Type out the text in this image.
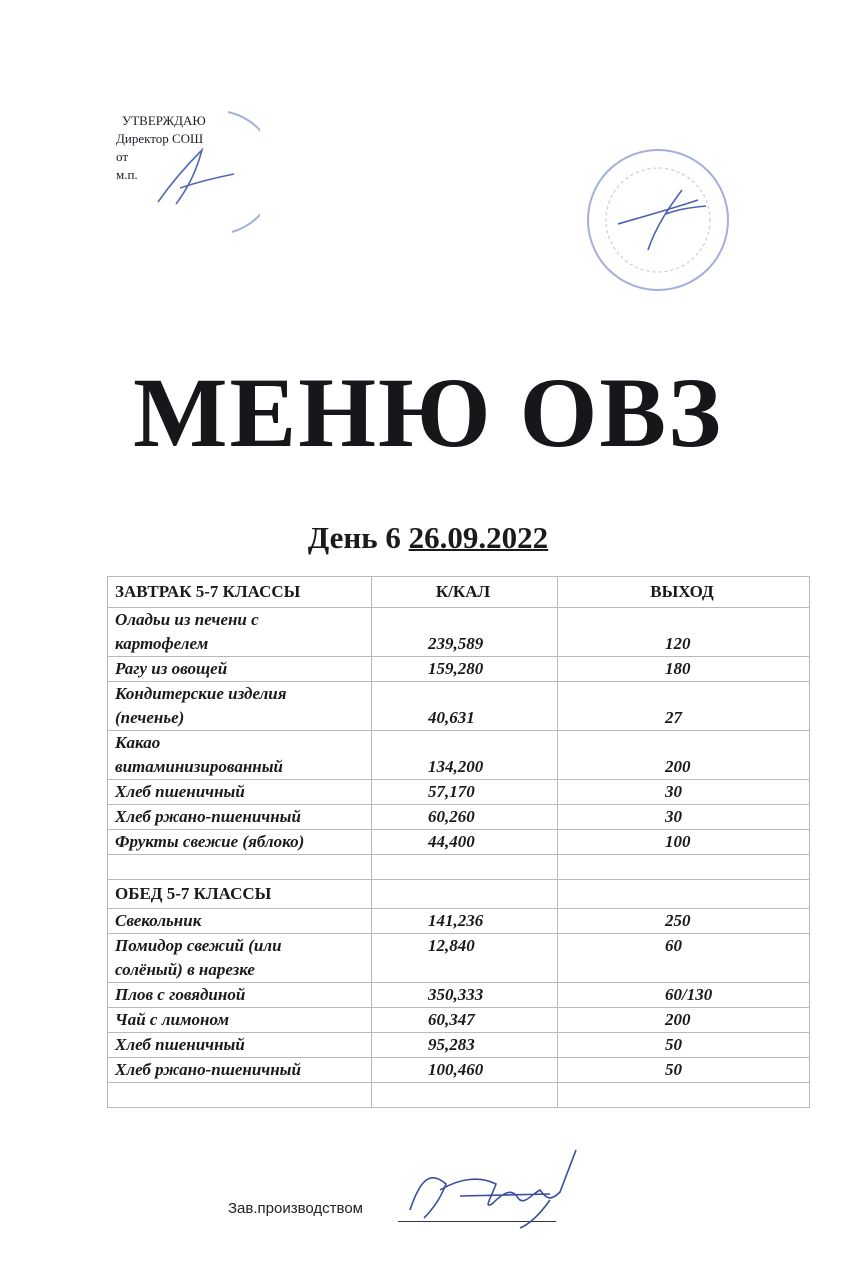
УТВЕРЖДАЮ
Директор СОШ
от
м.п.
МЕНЮ ОВЗ
День 6 26.09.2022
ЗАВТРАК 5-7 КЛАССЫ	К/КАЛ	ВЫХОД
Оладьи из печени с
картофелем	239,589	120
Рагу из овощей	159,280	180
Кондитерские изделия
(печенье)	40,631	27
Какао
витаминизированный	134,200	200
Хлеб пшеничный	57,170	30
Хлеб ржано-пшеничный	60,260	30
Фрукты свежие (яблоко)	44,400	100

ОБЕД 5-7 КЛАССЫ		
Свекольник	141,236	250
Помидор свежий (или
солёный) в нарезке	12,840	60
Плов с говядиной	350,333	60/130
Чай с лимоном	60,347	200
Хлеб пшеничный	95,283	50
Хлеб ржано-пшеничный	100,460	50

Зав.производством
